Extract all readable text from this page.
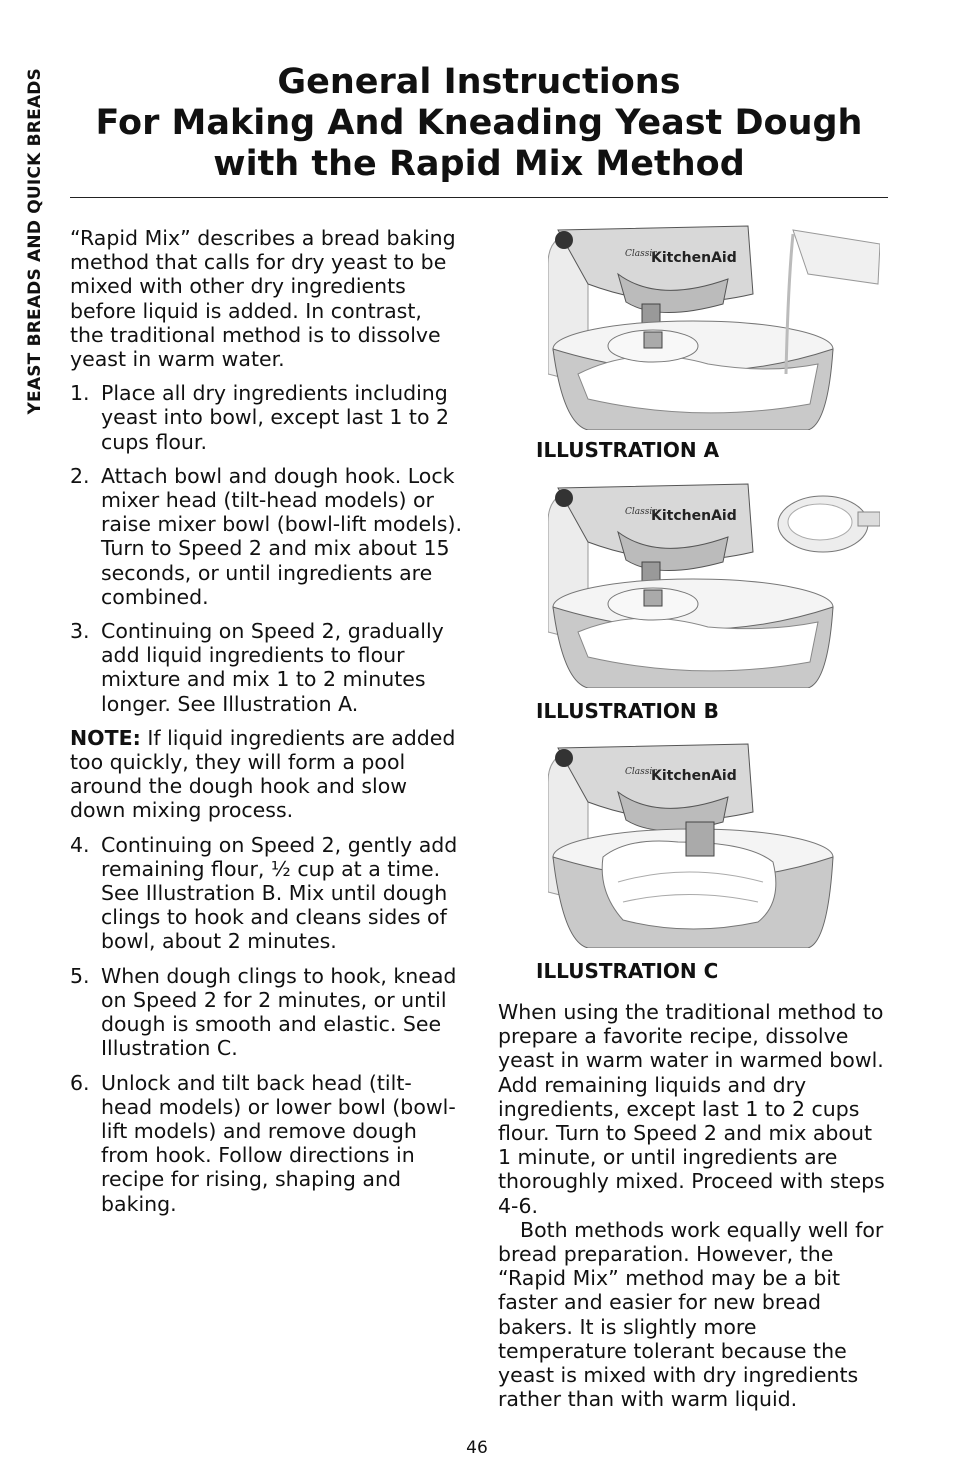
YEAST BREADS AND QUICK BREADS	General Instructions
For Making And Kneading Yeast Dough
with the Rapid Mix Method

“Rapid Mix” describes a bread baking method that calls for dry yeast to be mixed with other dry ingredients before liquid is added. In contrast, the traditional method is to dissolve yeast in warm water.

1. Place all dry ingredients including yeast into bowl, except last 1 to 2 cups flour.
2. Attach bowl and dough hook. Lock mixer head (tilt-head models) or raise mixer bowl (bowl-lift models). Turn to Speed 2 and mix about 15 seconds, or until ingredients are combined.
3. Continuing on Speed 2, gradually add liquid ingredients to flour mixture and mix 1 to 2 minutes longer. See Illustration A.

NOTE: If liquid ingredients are added too quickly, they will form a pool around the dough hook and slow down mixing process.

4. Continuing on Speed 2, gently add remaining flour, ½ cup at a time. See Illustration B. Mix until dough clings to hook and cleans sides of bowl, about 2 minutes.
5. When dough clings to hook, knead on Speed 2 for 2 minutes, or until dough is smooth and elastic. See Illustration C.
6. Unlock and tilt back head (tilt-head models) or lower bowl (bowl-lift models) and remove dough from hook. Follow directions in recipe for rising, shaping and baking.
KitchenAid
Classic
ILLUSTRATION A
KitchenAid
Classic
ILLUSTRATION B
KitchenAid
Classic
ILLUSTRATION C

When using the traditional method to prepare a favorite recipe, dissolve yeast in warm water in warmed bowl. Add remaining liquids and dry ingredients, except last 1 to 2 cups flour. Turn to Speed 2 and mix about 1 minute, or until ingredients are thoroughly mixed. Proceed with steps 4-6.

Both methods work equally well for bread preparation. However, the “Rapid Mix” method may be a bit faster and easier for new bread bakers. It is slightly more temperature tolerant because the yeast is mixed with dry ingredients rather than with warm liquid.

46
